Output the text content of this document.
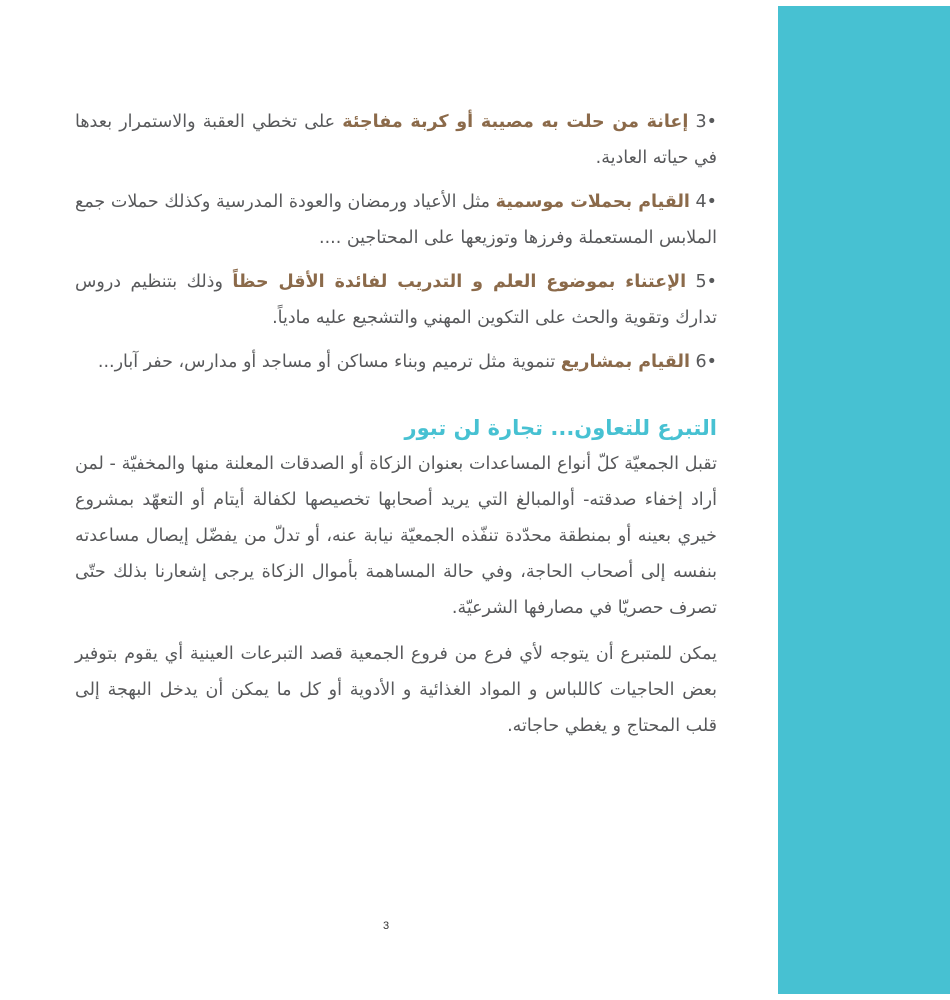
•3 إعانة من حلت به مصيبة أو كربة مفاجئة على تخطي العقبة والاستمرار بعدها في حياته العادية.

•4 القيام بحملات موسمية مثل الأعياد ورمضان والعودة المدرسية وكذلك حملات جمع الملابس المستعملة وفرزها وتوزيعها على المحتاجين ....

•5 الإعتناء بموضوع العلم و التدريب لفائدة الأقل حظاً وذلك بتنظيم دروس تدارك وتقوية والحث على التكوين المهني والتشجيع عليه مادياً.

•6 القيام بمشاريع تنموية مثل ترميم وبناء مساكن أو مساجد أو مدارس، حفر آبار...

التبرع للتعاون... تجارة لن تبور

تقبل الجمعيّة كلّ أنواع المساعدات بعنوان الزكاة أو الصدقات المعلنة منها والمخفيّة - لمن أراد إخفاء صدقته- أوالمبالغ التي يريد أصحابها تخصيصها لكفالة أيتام أو التعهّد بمشروع خيري بعينه أو بمنطقة محدّدة تنفّذه الجمعيّة نيابة عنه، أو تدلّ من يفضّل إيصال مساعدته بنفسه إلى أصحاب الحاجة، وفي حالة المساهمة بأموال الزكاة يرجى إشعارنا بذلك حتّى تصرف حصريّا في مصارفها الشرعيّة.

يمكن للمتبرع أن يتوجه لأي فرع من فروع الجمعية قصد التبرعات العينية أي يقوم بتوفير بعض الحاجيات كاللباس و المواد الغذائية و الأدوية أو كل ما يمكن أن يدخل البهجة إلى قلب المحتاج و يغطي حاجاته.

3
